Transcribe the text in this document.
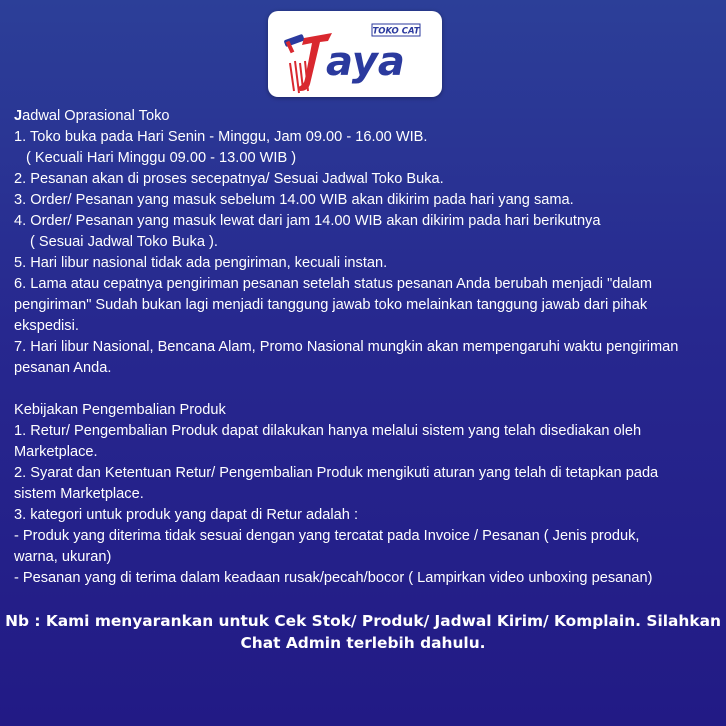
aya
TOKO CAT
Jadwal Oprasional Toko
1. Toko buka pada Hari Senin - Minggu, Jam 09.00 - 16.00 WIB.
( Kecuali Hari Minggu 09.00 - 13.00 WIB )
2. Pesanan akan di proses secepatnya/ Sesuai Jadwal Toko Buka.
3. Order/ Pesanan yang masuk sebelum 14.00 WIB akan dikirim pada hari yang sama.
4. Order/ Pesanan yang masuk lewat dari jam 14.00 WIB akan dikirim pada hari berikutnya
( Sesuai Jadwal Toko Buka ).
5. Hari libur nasional tidak ada pengiriman, kecuali instan.
6. Lama atau cepatnya pengiriman pesanan setelah status pesanan Anda berubah menjadi "dalam
pengiriman" Sudah bukan lagi menjadi tanggung jawab toko melainkan tanggung jawab dari pihak
ekspedisi.
7. Hari libur Nasional, Bencana Alam, Promo Nasional mungkin akan mempengaruhi waktu pengiriman
pesanan Anda.
Kebijakan Pengembalian Produk
1. Retur/ Pengembalian Produk dapat dilakukan hanya melalui sistem yang telah disediakan oleh
Marketplace.
2. Syarat dan Ketentuan Retur/ Pengembalian Produk mengikuti aturan yang telah di tetapkan pada
sistem Marketplace.
3. kategori untuk produk yang dapat di Retur adalah :
- Produk yang diterima tidak sesuai dengan yang tercatat pada Invoice / Pesanan ( Jenis produk,
warna, ukuran)
- Pesanan yang di terima dalam keadaan rusak/pecah/bocor ( Lampirkan video unboxing pesanan)
Nb : Kami menyarankan untuk Cek Stok/ Produk/ Jadwal Kirim/ Komplain. Silahkan
Chat Admin terlebih dahulu.
